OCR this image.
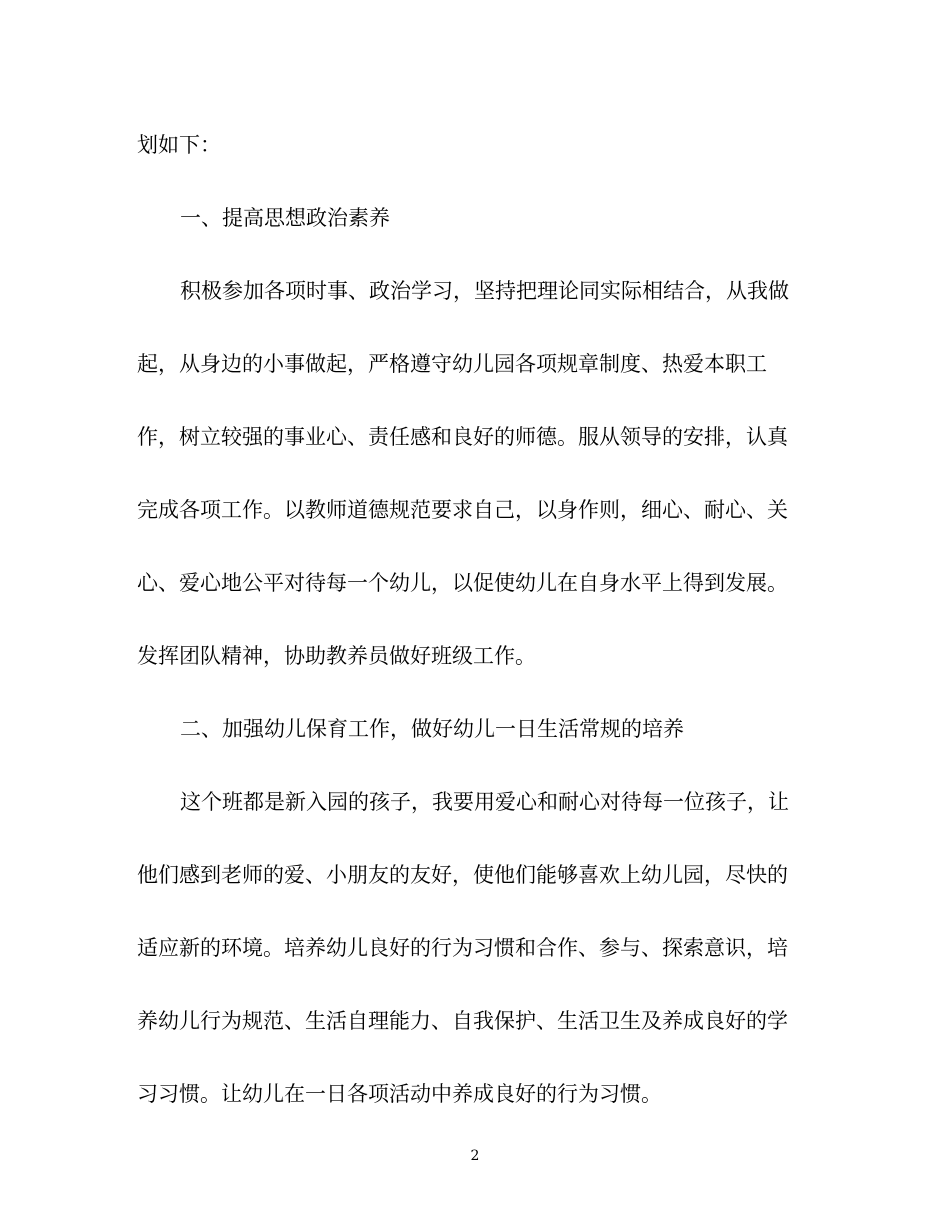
划如下：
一、提高思想政治素养
积极参加各项时事、政治学习，坚持把理论同实际相结合，从我做
起，从身边的小事做起，严格遵守幼儿园各项规章制度、热爱本职工
作，树立较强的事业心、责任感和良好的师德。服从领导的安排，认真
完成各项工作。以教师道德规范要求自己，以身作则，细心、耐心、关
心、爱心地公平对待每一个幼儿，以促使幼儿在自身水平上得到发展。
发挥团队精神，协助教养员做好班级工作。
二、加强幼儿保育工作，做好幼儿一日生活常规的培养
这个班都是新入园的孩子，我要用爱心和耐心对待每一位孩子，让
他们感到老师的爱、小朋友的友好，使他们能够喜欢上幼儿园，尽快的
适应新的环境。培养幼儿良好的行为习惯和合作、参与、探索意识，培
养幼儿行为规范、生活自理能力、自我保护、生活卫生及养成良好的学
习习惯。让幼儿在一日各项活动中养成良好的行为习惯。
2
